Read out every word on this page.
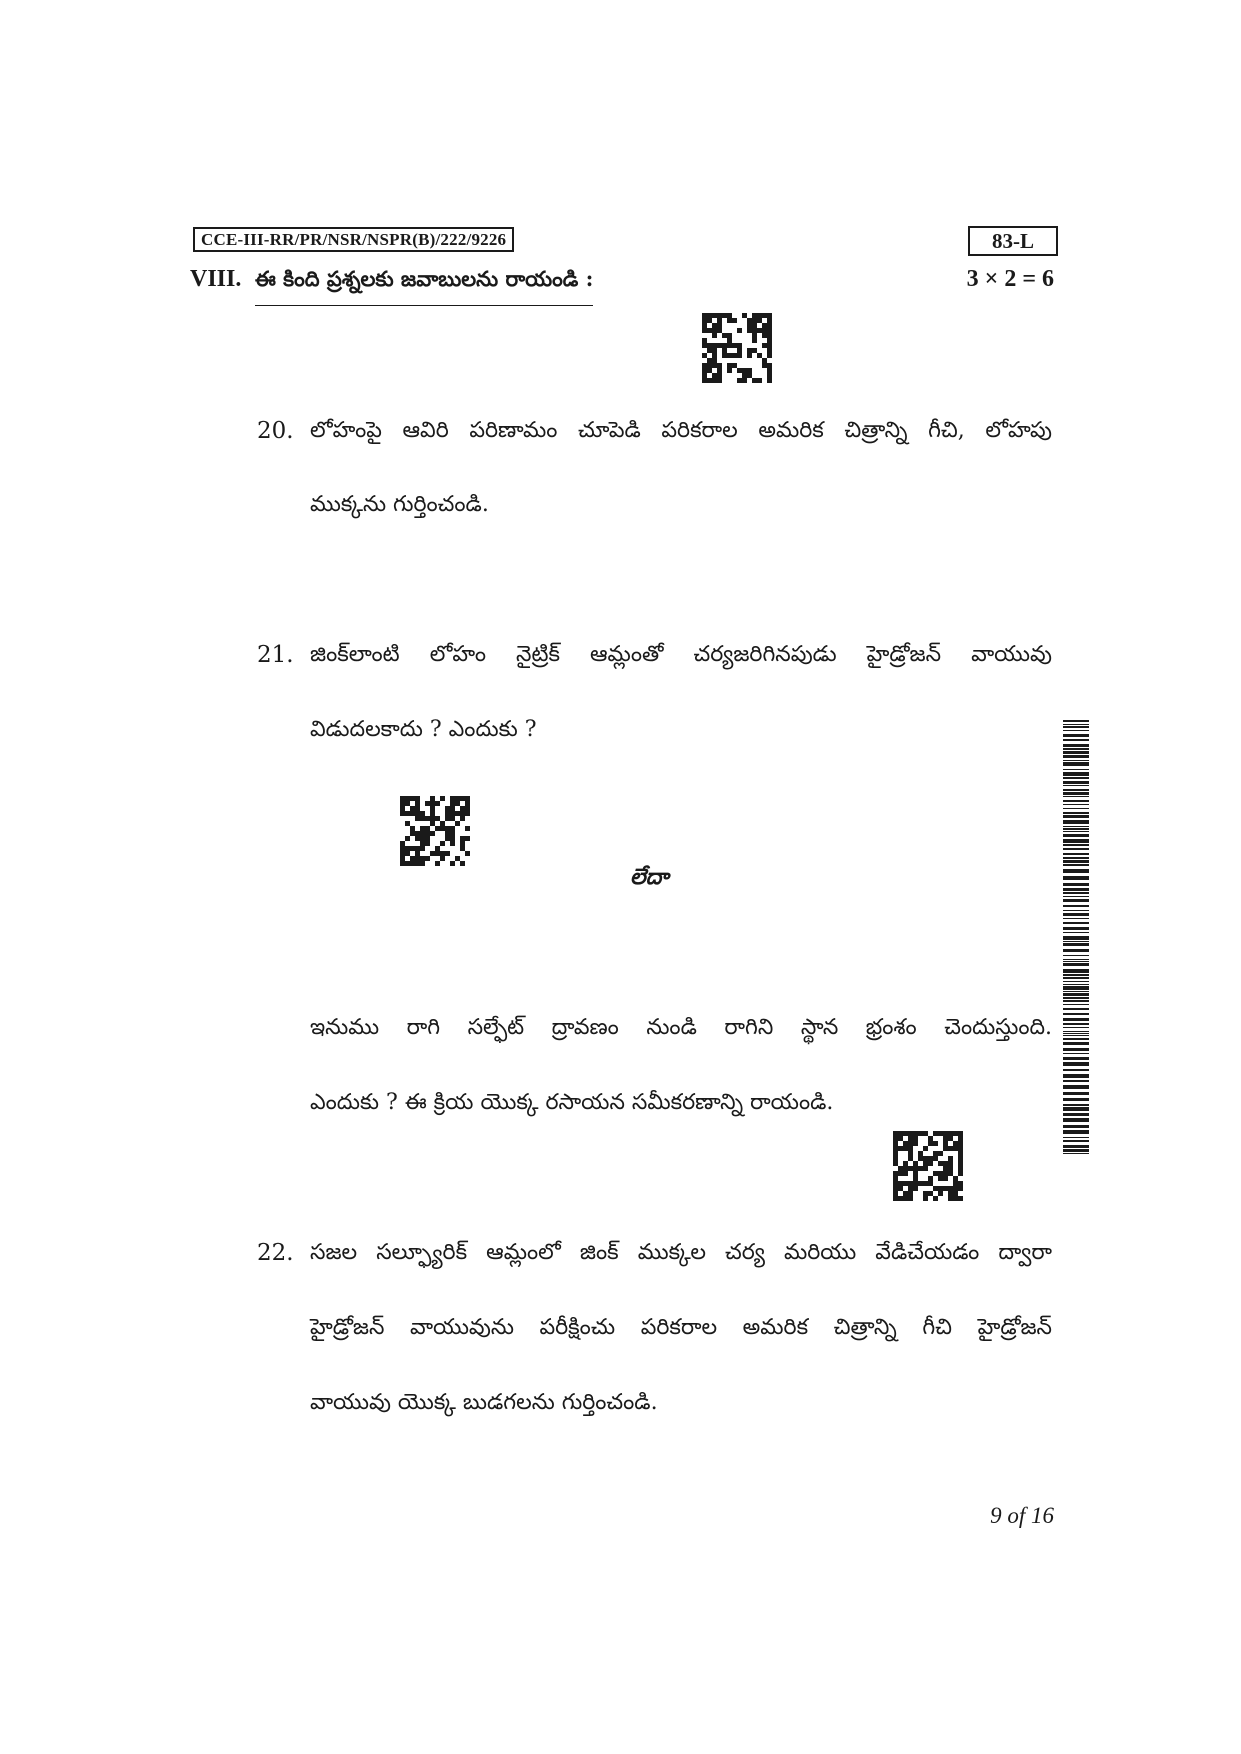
CCE-III-RR/PR/NSR/NSPR(B)/222/9226	83-L
VIII. ఈ కింది ప్రశ్నలకు జవాబులను రాయండి :	3 × 2 = 6
20. లోహంపై ఆవిరి పరిణామం చూపెడి పరికరాల అమరిక చిత్రాన్ని గీచి, లోహపు
ముక్కను గుర్తించండి.
21. జింక్‌లాంటి లోహం నైట్రిక్ ఆమ్లంతో చర్యజరిగినపుడు హైడ్రోజన్ వాయువు
విడుదలకాదు ? ఎందుకు ?
లేదా
ఇనుము రాగి సల్ఫేట్ ద్రావణం నుండి రాగిని స్థాన భ్రంశం చెందుస్తుంది.
ఎందుకు ? ఈ క్రియ యొక్క రసాయన సమీకరణాన్ని రాయండి.
22. సజల సల్ఫ్యూరిక్ ఆమ్లంలో జింక్ ముక్కల చర్య మరియు వేడిచేయడం ద్వారా
హైడ్రోజన్ వాయువును పరీక్షించు పరికరాల అమరిక చిత్రాన్ని గీచి హైడ్రోజన్
వాయువు యొక్క బుడగలను గుర్తించండి.
9 of 16
